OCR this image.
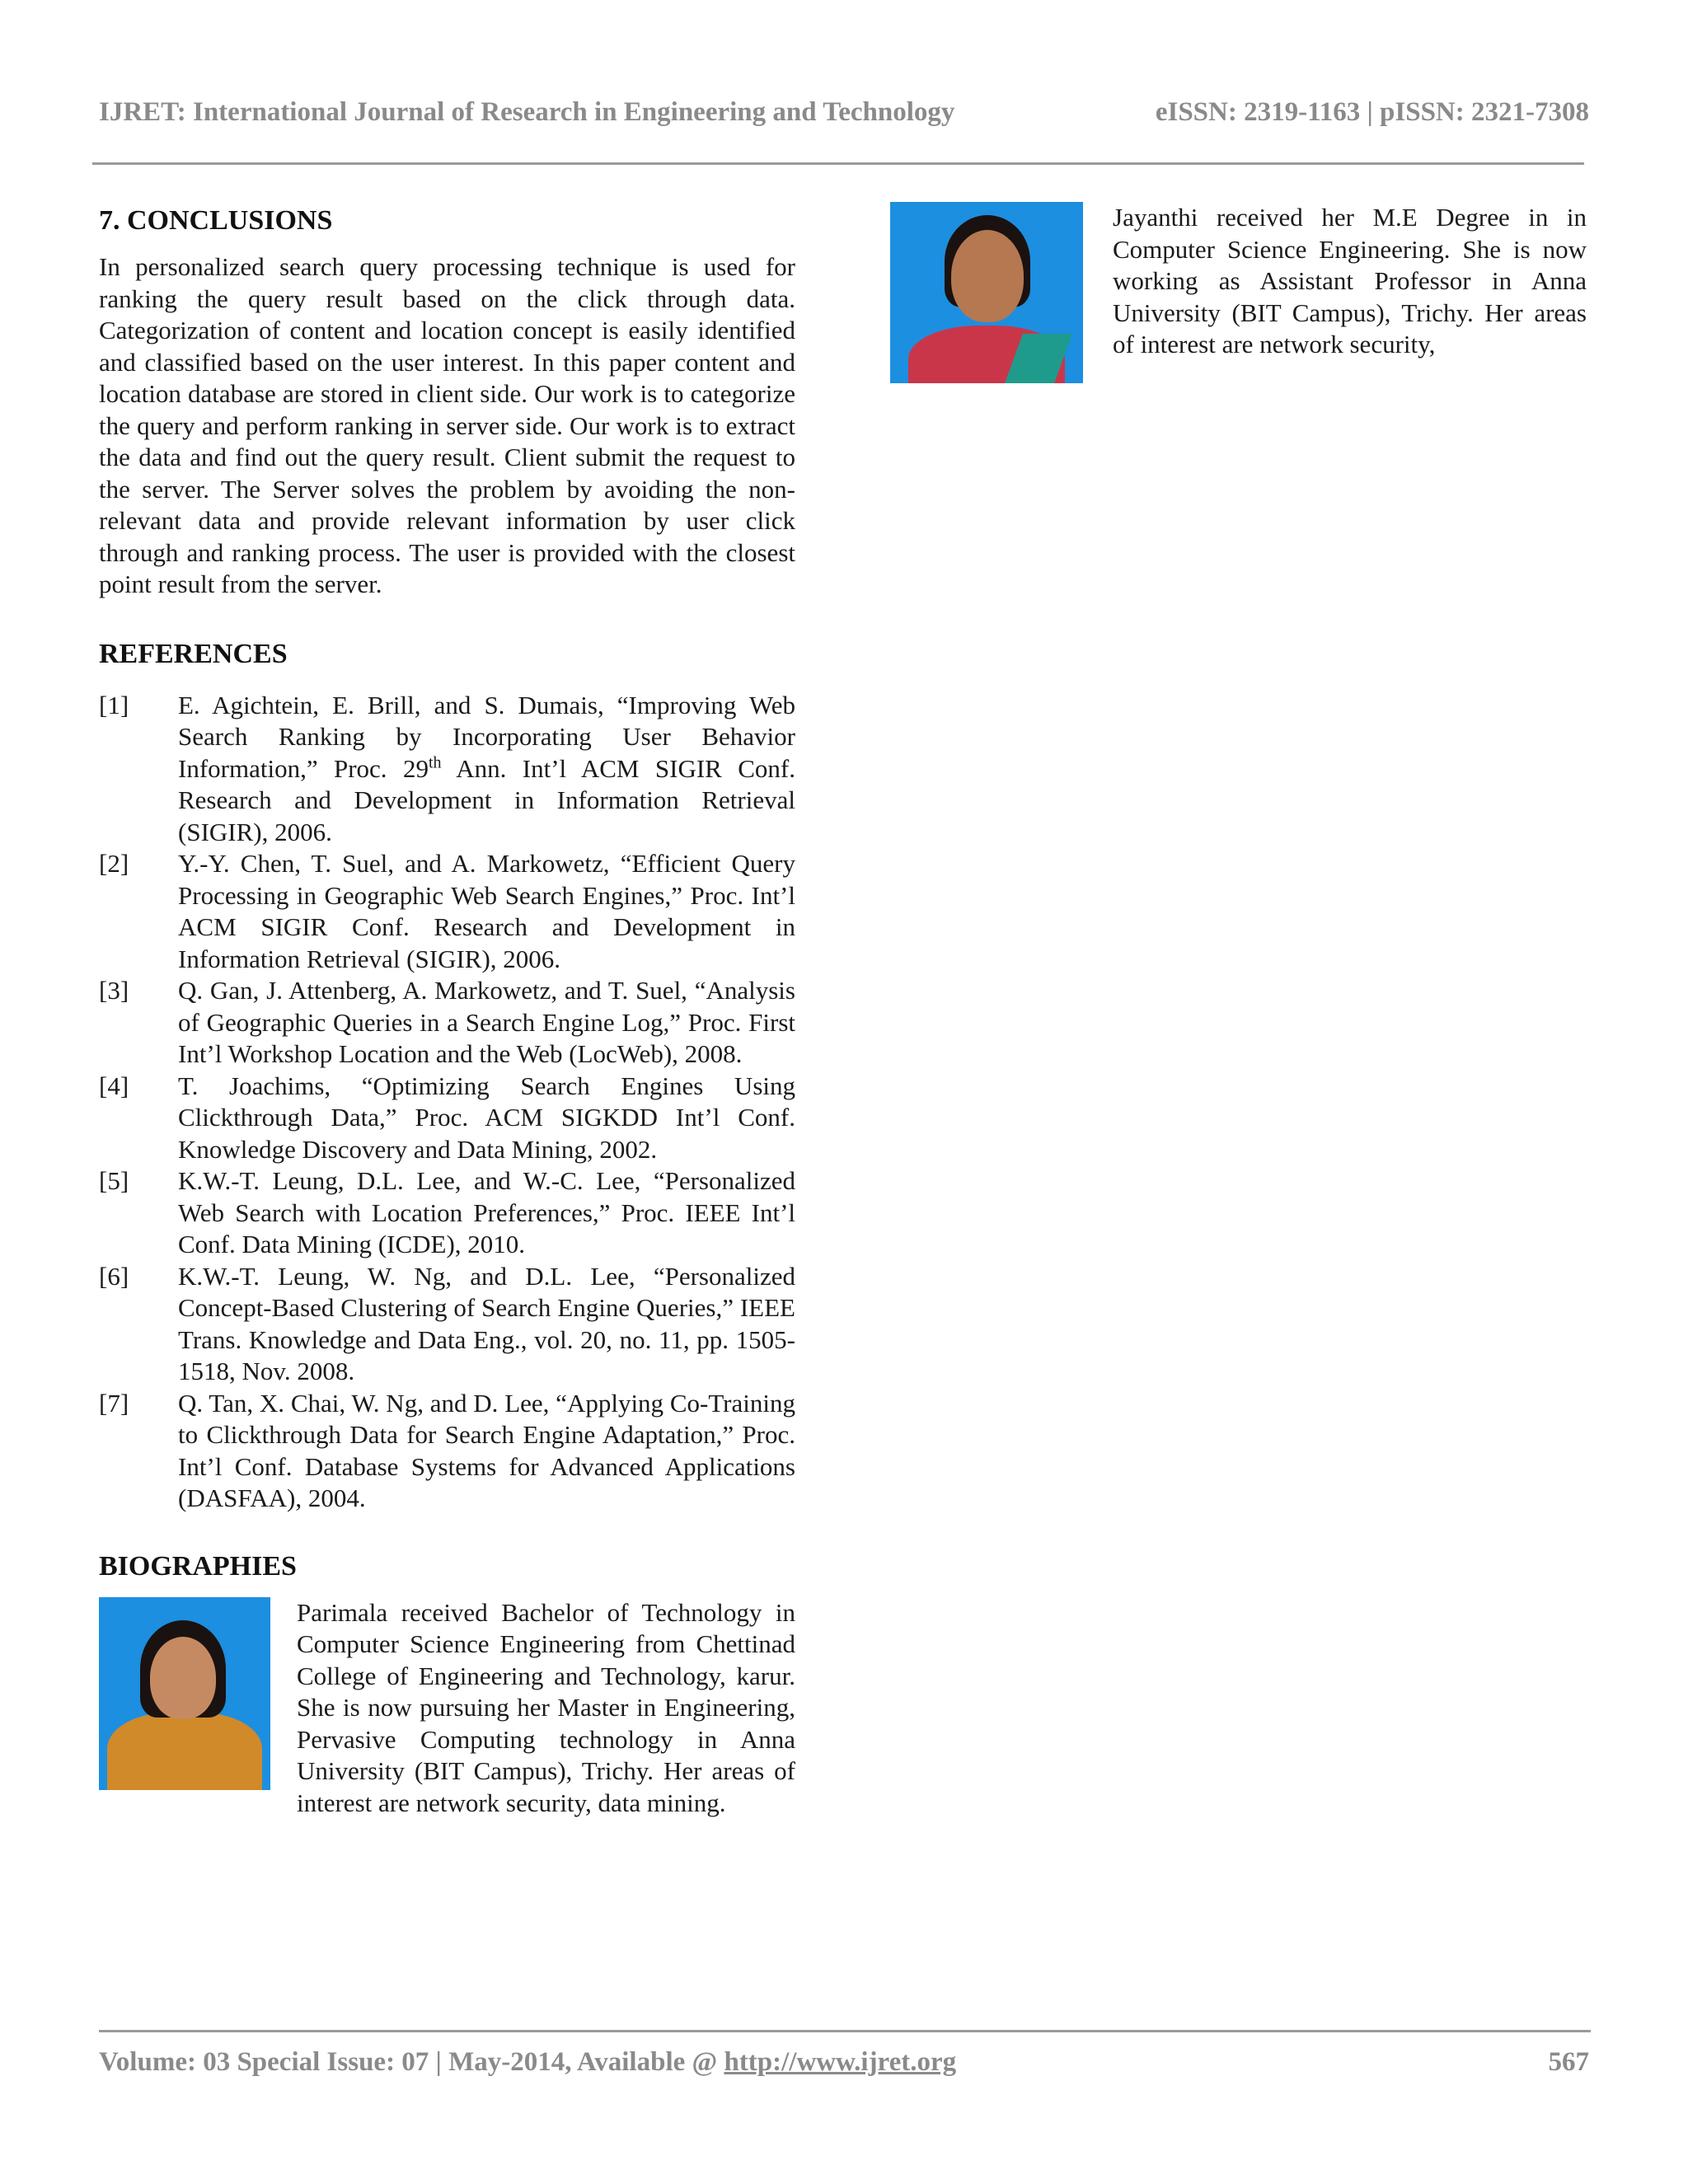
IJRET: International Journal of Research in Engineering and Technology	eISSN: 2319-1163 | pISSN: 2321-7308
7. CONCLUSIONS

In personalized search query processing technique is used for ranking the query result based on the click through data. Categorization of content and location concept is easily identified and classified based on the user interest. In this paper content and location database are stored in client side. Our work is to categorize the query and perform ranking in server side. Our work is to extract the data and find out the query result. Client submit the request to the server. The Server solves the problem by avoiding the non-relevant data and provide relevant information by user click through and ranking process. The user is provided with the closest point result from the server.

REFERENCES
[1]	E. Agichtein, E. Brill, and S. Dumais, “Improving Web Search Ranking by Incorporating User Behavior Information,” Proc. 29th Ann. Int’l ACM SIGIR Conf. Research and Development in Information Retrieval (SIGIR), 2006.
[2]	Y.-Y. Chen, T. Suel, and A. Markowetz, “Efficient Query Processing in Geographic Web Search Engines,” Proc. Int’l ACM SIGIR Conf. Research and Development in Information Retrieval (SIGIR), 2006.
[3]	Q. Gan, J. Attenberg, A. Markowetz, and T. Suel, “Analysis of Geographic Queries in a Search Engine Log,” Proc. First Int’l Workshop Location and the Web (LocWeb), 2008.
[4]	T. Joachims, “Optimizing Search Engines Using Clickthrough Data,” Proc. ACM SIGKDD Int’l Conf. Knowledge Discovery and Data Mining, 2002.
[5]	K.W.-T. Leung, D.L. Lee, and W.-C. Lee, “Personalized Web Search with Location Preferences,” Proc. IEEE Int’l Conf. Data Mining (ICDE), 2010.
[6]	K.W.-T. Leung, W. Ng, and D.L. Lee, “Personalized Concept-Based Clustering of Search Engine Queries,” IEEE Trans. Knowledge and Data Eng., vol. 20, no. 11, pp. 1505-1518, Nov. 2008.
[7]	Q. Tan, X. Chai, W. Ng, and D. Lee, “Applying Co-Training to Clickthrough Data for Search Engine Adaptation,” Proc. Int’l Conf. Database Systems for Advanced Applications (DASFAA), 2004.
BIOGRAPHIES
Parimala received Bachelor of Technology in Computer Science Engineering from Chettinad College of Engineering and Technology, karur. She is now pursuing her Master in Engineering, Pervasive Computing technology in Anna University (BIT Campus), Trichy. Her areas of interest are network security, data mining.
Jayanthi received her M.E Degree in in Computer Science Engineering. She is now working as Assistant Professor in Anna University (BIT Campus), Trichy. Her areas of interest are network security,
Volume: 03 Special Issue: 07 | May-2014, Available @ http://www.ijret.org	567
